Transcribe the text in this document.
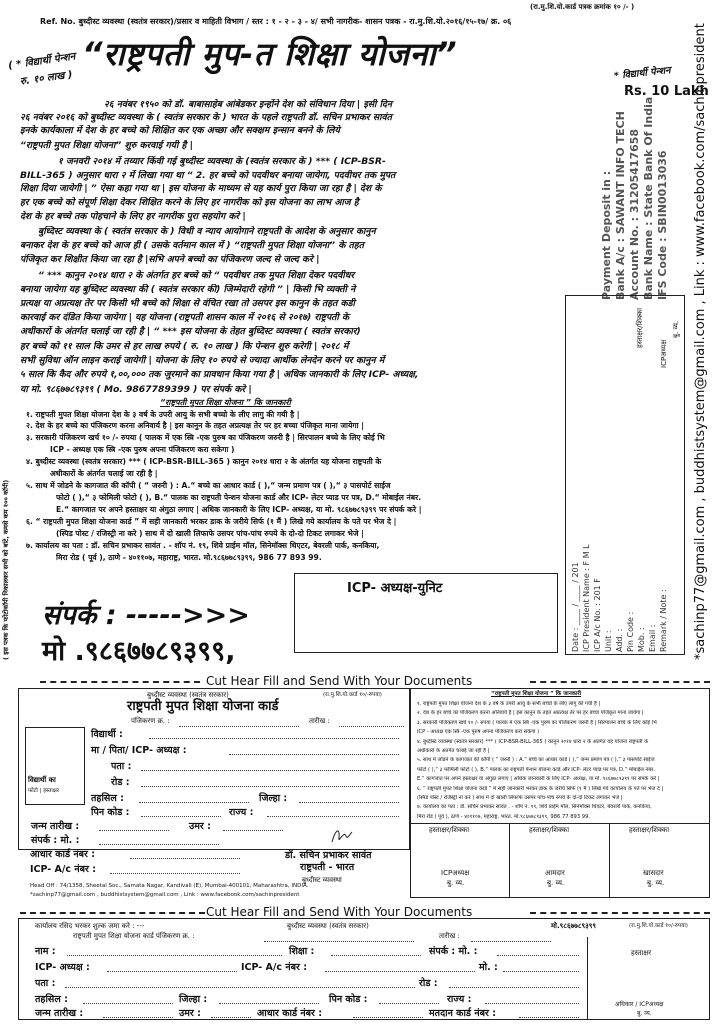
(रा.मु.शि.यो.कार्ड पत्रक क्रमांक १० /- )
Ref. No. बुध्दीस्ट व्यवस्था (स्वतंत्र सरकार)/प्रसार व माहिती विभाग / स्तर : १ - २ - ३ - ४/ सभी नागरीक- शासन पत्रक - रा.मु.शि.यो.२०१६/१५-१७/ क्र. ०६
( * विद्यार्थी पेन्शन
रु. १० लाख )
“राष्ट्रपती मुप-त शिक्षा योजना”
* विद्यार्थी पेन्शन
Rs. 10 Lakh
२६ नवंबर १९५० को डॉ. बाबासाहेब आंबेडकर इन्होंने देश को संविधान दिया | इसी दिन
२६ नवंबर २०१६ को बुध्दीस्ट व्यवस्था के ( स्वतंत्र सरकार के ) भारत के पहले राष्ट्रपती डॉ. सचिन प्रभाकर सावंत
इनके कार्यकाला में देश के हर बच्चे को शिक्षित कर एक अच्छा और सक्क्षम इन्सान बनने के लिये
“राष्ट्रपती मुपत शिक्षा योजना” शुरु करवाई गयी है |
१ जनवरी २०१४ में तय्यार किंवी गई बुध्दीस्ट व्यवस्था के (स्वतंत्र सरकार के ) *** ( ICP-BSR-
BILL-365 ) अनुसार धारा २ में लिखा गया था “ 2. हर बच्चे को पदवीधर बनाया जायेगा, पदवीधर तक मुपत
शिक्षा दिया जायेगी | ” ऐसा कहा गया था | इस योजना के माध्यम से यह कार्य पुरा किया जा रहा है | देश के
हर एक बच्चे को संपूर्ण शिक्षा देकर शिक्षित करने के लिए हर नागरीक को इस योजना का लाभ आज है
देश के हर बच्चे तक पोहचाने के लिए हर नागरीक पुरा सहयोग करे |
बुध्दिस्ट व्यवस्था के ( स्वतंत्र सरकार के ) विधी व न्याय आयोगाने राष्ट्रपती के आदेश के अनुसार कानुन
बनाकर देश के हर बच्चे को आज ही ( उसके वर्तमान काल में ) “राष्ट्रपती मुपत शिक्षा योजना” के तहत
पंजिकृत कर शिक्षीत किया जा रहा है |सभि अपने बच्चो का पंजिकरण जल्द से जल्द करे |
“ *** कानुन २०१४ धारा २ के अंतर्गत हर बच्चे को “ पदवीधर तक मुपत शिक्षा देकर पदवीधर
बनाया जायेगा यह बुध्दिस्ट व्यवस्था की ( स्वतंत्र सरकार की) जिम्मेदारी रहेगी ” | किसी भि व्यक्ती ने
प्रत्यक्ष या अप्रत्यक्ष तेर पर किसी भी बच्चे को शिक्षा से वंचित रखा तो उसपर इस कानुन के तहत कडी
कारवाई कर दंडित किया जायेगा | यह योजना (राष्ट्रपती शासन काल में २०१६ से २०१७) राष्ट्रपती के
अधीकारों के अंतर्गत चलाई जा रही है | “ *** इस योजना के तेहत बुध्दिस्ट व्यवस्था ( स्वतंत्र सरकार)
हर बच्चे को ११ साल कि उमर से हर लाख रुपये ( रु. १० लाख ) कि पेन्शन शुरु करेगी | २०१८ में
सभी सुविधा ऑन लाइन कराई जायेगी | योजना के लिए १० रुपये से ज्यादा आर्थीक लेनदेन करने पर कानुन में
५ साल कि कैद और रुपये १,००,००० तक जुरमाने का प्रावधान किया गया है | अधिक जानकारी के लिए ICP- अध्यक्ष,
या मो. ९८६७७८९३९९ ( Mo. 9867789399 ) पर संपर्क करे |
“राष्ट्रपती मुपत शिक्षा योजना ” कि जानकारी
१. राष्ट्रपती मुपत शिक्षा योजना देश के ३ वर्ष के उपरी आयु के सभी बच्चो के लीए लागु की गयी है |
२. देश के हर बच्चे का पंजिकरण करना अनिवार्य है | इस कानुन के तहत अप्रत्यक्ष तेर पर हर बच्चा पंजिकृत माना जायेगा |
३. सरकारी पंजिकरण खर्च १० /- रुपया ( पालक में एक स्त्रि -एक पुरुष का पंजिकरण जरुरी है | सिरपालन बच्चे के लिए कोई भि
ICP - अध्यक्ष एक स्त्रि -एक पुरुष अपना पंजिकरण करा सकेगा )
४. बुध्दीस्ट व्यवस्था (स्वतंत्र सरकार) *** ( ICP-BSR-BILL-365 ) कानुन २०१४ धारा २ के अंतर्गत यह योजना राष्ट्रपती के
अधीकारों के अंतर्गत चलाई जा रही है |
५. साथ में जोडने के कागजात की कॉपी ( “ जरुरी ) : A.“ बच्चे का आधार कार्ड ( ),“ जन्म प्रमाण पत्र ( ),“ ३ पासपोर्ट साईज
फोटो ( ),“ ३ फोमिली फोटो ( ), B.“ पालक का राष्ट्रपती पेन्शन योजना कार्ड और ICP- लेटर प्याड पर पत्र, D.“ मोबाईल नंबर.
E.“ कागजात पर अपने हस्ताक्षर या अंगुठा लगाए | अधिक जानकारी के लिए ICP- अध्यक्ष, या मो. ९८६७७८९३९९ पर संपर्क करे |
६. “ राष्ट्रपती मुपत शिक्षा योजना कार्ड ” में सही जानकारी भरकर डाक के जरीये सिर्फ (१ मैं ) लिखे गये कार्यालय के पते पर भेज दे |
(स्पिड पोस्ट / रजिस्ट्री ना करे ) साथ में दो खाली लिफाफे उसपर पांच-पांच रुपये के दो-दो टिकट लगाकर भेजे |
७. कार्यालय का पता : डॉ. सचिन प्रभाकर सावंत . - शॉप नं. १९, शिवे प्राईम मॉल, सिनेमॉक्स थिएटर, बेवरली पार्क, कनकिया,
मिरा रोड ( पूर्व ), ठाणे - ४०११०७, महाराष्ट्र, भारत. मो.९८६७७८९३९९, 986 77 893 99.
( इस पत्रक कि फोटोकॉपी निकालकर सभी को बांटे, कमसे कम १०० कॉपी) संपर्क : ----->>>
मो .९८६७७८९३९९,
ICP- अध्यक्ष-युनिट
Payment Deposit in : Bank A/c : SAWANT INFO TECH Account No. : 31205417658 Bank Name : State Bank Of India IFS Code : SBIN0013036 *sachinp77@gmail.com , buddhistsystem@gmail.com , Link : www.facebook.com/sachinpresident
Date : ____ / ____ / 201 ICP President Name : F M L ICP A/c No. : 201 F Unit : Add. : Pin Code : Mob. : Email : Remark / Note :
हस्ताक्षर/शिक्का
ICPअध्यक्ष
बु. व्य.
Cut Hear Fill and Send With Your Documents
बुध्दीस्ट व्यवस्था (स्वतंत्र सरकार)	(रा.मु.शि.यो.कार्ड १०/-रुपया)
राष्ट्रपती मुपत शिक्षा योजना कार्ड
पंजिकरण क्र. :	तारीख :
विद्यार्थी का
फोटो | हस्ताक्षर
विद्यार्थी :
मा / पिता/ ICP- अध्यक्ष :
पता :
रोड :
तहसिल :	जिल्हा :
पिन कोड :	राज्य :
जन्म तारीख :	उमर :
संपर्क : मो. :
आधार कार्ड नंबर :
ICP- A/c नंबर :
डॉ. सचिन प्रभाकर सावंत
राष्ट्रपती - भारत
बुध्दीस्ट व्यवस्था
Head Off : 74/1358, Sheetal Soc., Samata Nagar, Kandivali (E), Mumbai-400101, Maharashtra, INDIA.
*sachinp77@gmail.com , buddhistsystem@gmail.com , Link : www.facebook.com/sachinpresident
“राष्ट्रपती मुपत शिक्षा योजना ” कि जानकारी
१. राष्ट्रपती मुपत शिक्षा योजना देश के ३ वर्ष के उपरी आयु के सभी बच्चो के लीए लागु की गयी है |
२. देश के हर बच्चे का पंजिकरण करना अनिवार्य है | इस कानुन के तहत अप्रत्यक्ष तेर पर हर बच्चा पंजिकृत माना जायेगा |
३. सरकारी पंजिकरण खर्च १० /- रुपया ( पालक में एक स्त्रि -एक पुरुष का पंजिकरण जरुरी है | सिरपालन बच्चे के लिए कोई भि
ICP - अध्यक्ष एक स्त्रि -एक पुरुष अपना पंजिकरण करा सकेगा )
४. बुध्दीस्ट व्यवस्था (स्वतंत्र सरकार) *** ( ICP-BSR-BILL-365 ) कानुन २०१४ धारा २ के अंतर्गत यह योजना राष्ट्रपती के
अधीकारों के अंतर्गत चलाई जा रही है |
५. साथ में जोडने के कागजात की कॉपी ( “ जरुरी ) : A.“ बच्चे का आधार कार्ड ( ),“ जन्म प्रमाण पत्र ( ),“ ३ पासपोर्ट साईज
फोटो ( ),“ ३ फोमिली फोटो ( ), B.“ पालक का राष्ट्रपती पेन्शन योजना कार्ड और ICP- लेटर प्याड पर पत्र, D.“ मोबाईल नंबर.
E.“ कागजात पर अपने हस्ताक्षर या अंगुठा लगाए | अधिक जानकारी के लिए ICP- अध्यक्ष, या मो. ९८६७७८९३९९ पर संपर्क करे |
६. “ राष्ट्रपती मुपत शिक्षा योजना कार्ड ” में सही जानकारी भरकर डाक के जरीये सिर्फ (१ मैं ) लिखे गये कार्यालय के पते पर भेज दे |
(स्पिड पोस्ट / रजिस्ट्री ना करे ) साथ में दो खाली लिफाफे उसपर पांच-पांच रुपये के दो-दो टिकट लगाकर भेजे |
७. कार्यालय का पता : डॉ. सचिन प्रभाकर सावंत . - शॉप नं. १९, शिवे प्राईम मॉल, सिनेमॉक्स थिएटर, बेवरली पार्क, कनकिया,
मिरा रोड ( पूर्व ), ठाणे - ४०११०७, महाराष्ट्र, भारत. मो.९८६७७८९३९९, 986 77 893 99.
हस्ताक्षर/शिक्का	हस्ताक्षर/शिक्का	हस्ताक्षर/शिक्का
ICPअध्यक्ष
बु. व्य.
आमदार
बु. व्य.
खासदार
बु. व्य.
Cut Hear Fill and Send With Your Documents
कार्यालय रसिद भरकर शुल्क जमा करे : ---	बुध्दीस्ट व्यवस्था (स्वतंत्र सरकार)	मो.९८६७७८९३९९	(रा.मु.शि.यो.कार्ड १०/-रुपया)
राष्ट्रपती मुपत शिक्षा योजना कार्ड पंजिकरण क्र. :	तारीख :
नाम :	शिक्षा :	संपर्क : मो. :
ICP- अध्यक्ष :	ICP- A/c नंबर :	मो. :
पता :	रोड :
तहसिल :	जिल्हा :	पिन कोड :	राज्य :
जन्म तारीख :	उमर :	आधार कार्ड नंबर :	मतदान कार्ड नंबर :
हस्ताक्षर
अधिकार / ICPअध्यक्ष
बु. व्य.
